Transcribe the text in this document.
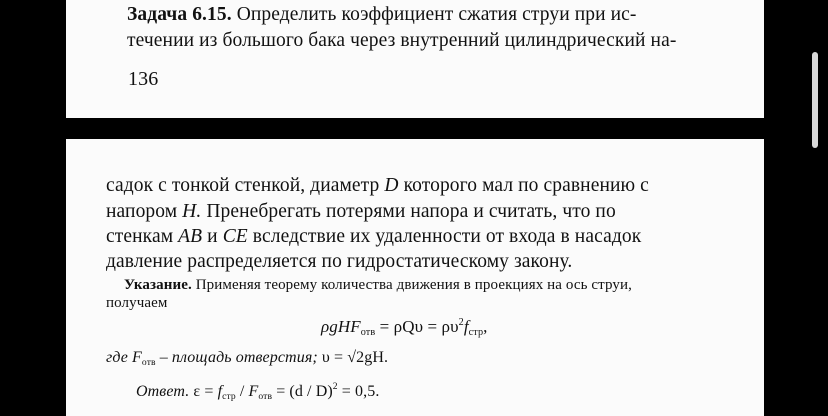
Задача 6.15. Определить коэффициент сжатия струи при ис-
течении из большого бака через внутренний цилиндрический на-
136
садок с тонкой стенкой, диаметр D которого мал по сравнению с
напором H. Пренебрегать потерями напора и считать, что по
стенкам AB и CE вследствие их удаленности от входа в насадок
давление распределяется по гидростатическому закону.
Указание. Применяя теорему количества движения в проекциях на ось струи,
получаем
$\rho gHF_{отв} = \rho Q\upsilon = \rho\upsilon^2f_{стр}$,
где $F_{отв}$ – площадь отверстия; υ = √2gH.
Ответ. $\varepsilon = f_{стр} / F_{отв} = (d / D)^2 = 0,5$.
